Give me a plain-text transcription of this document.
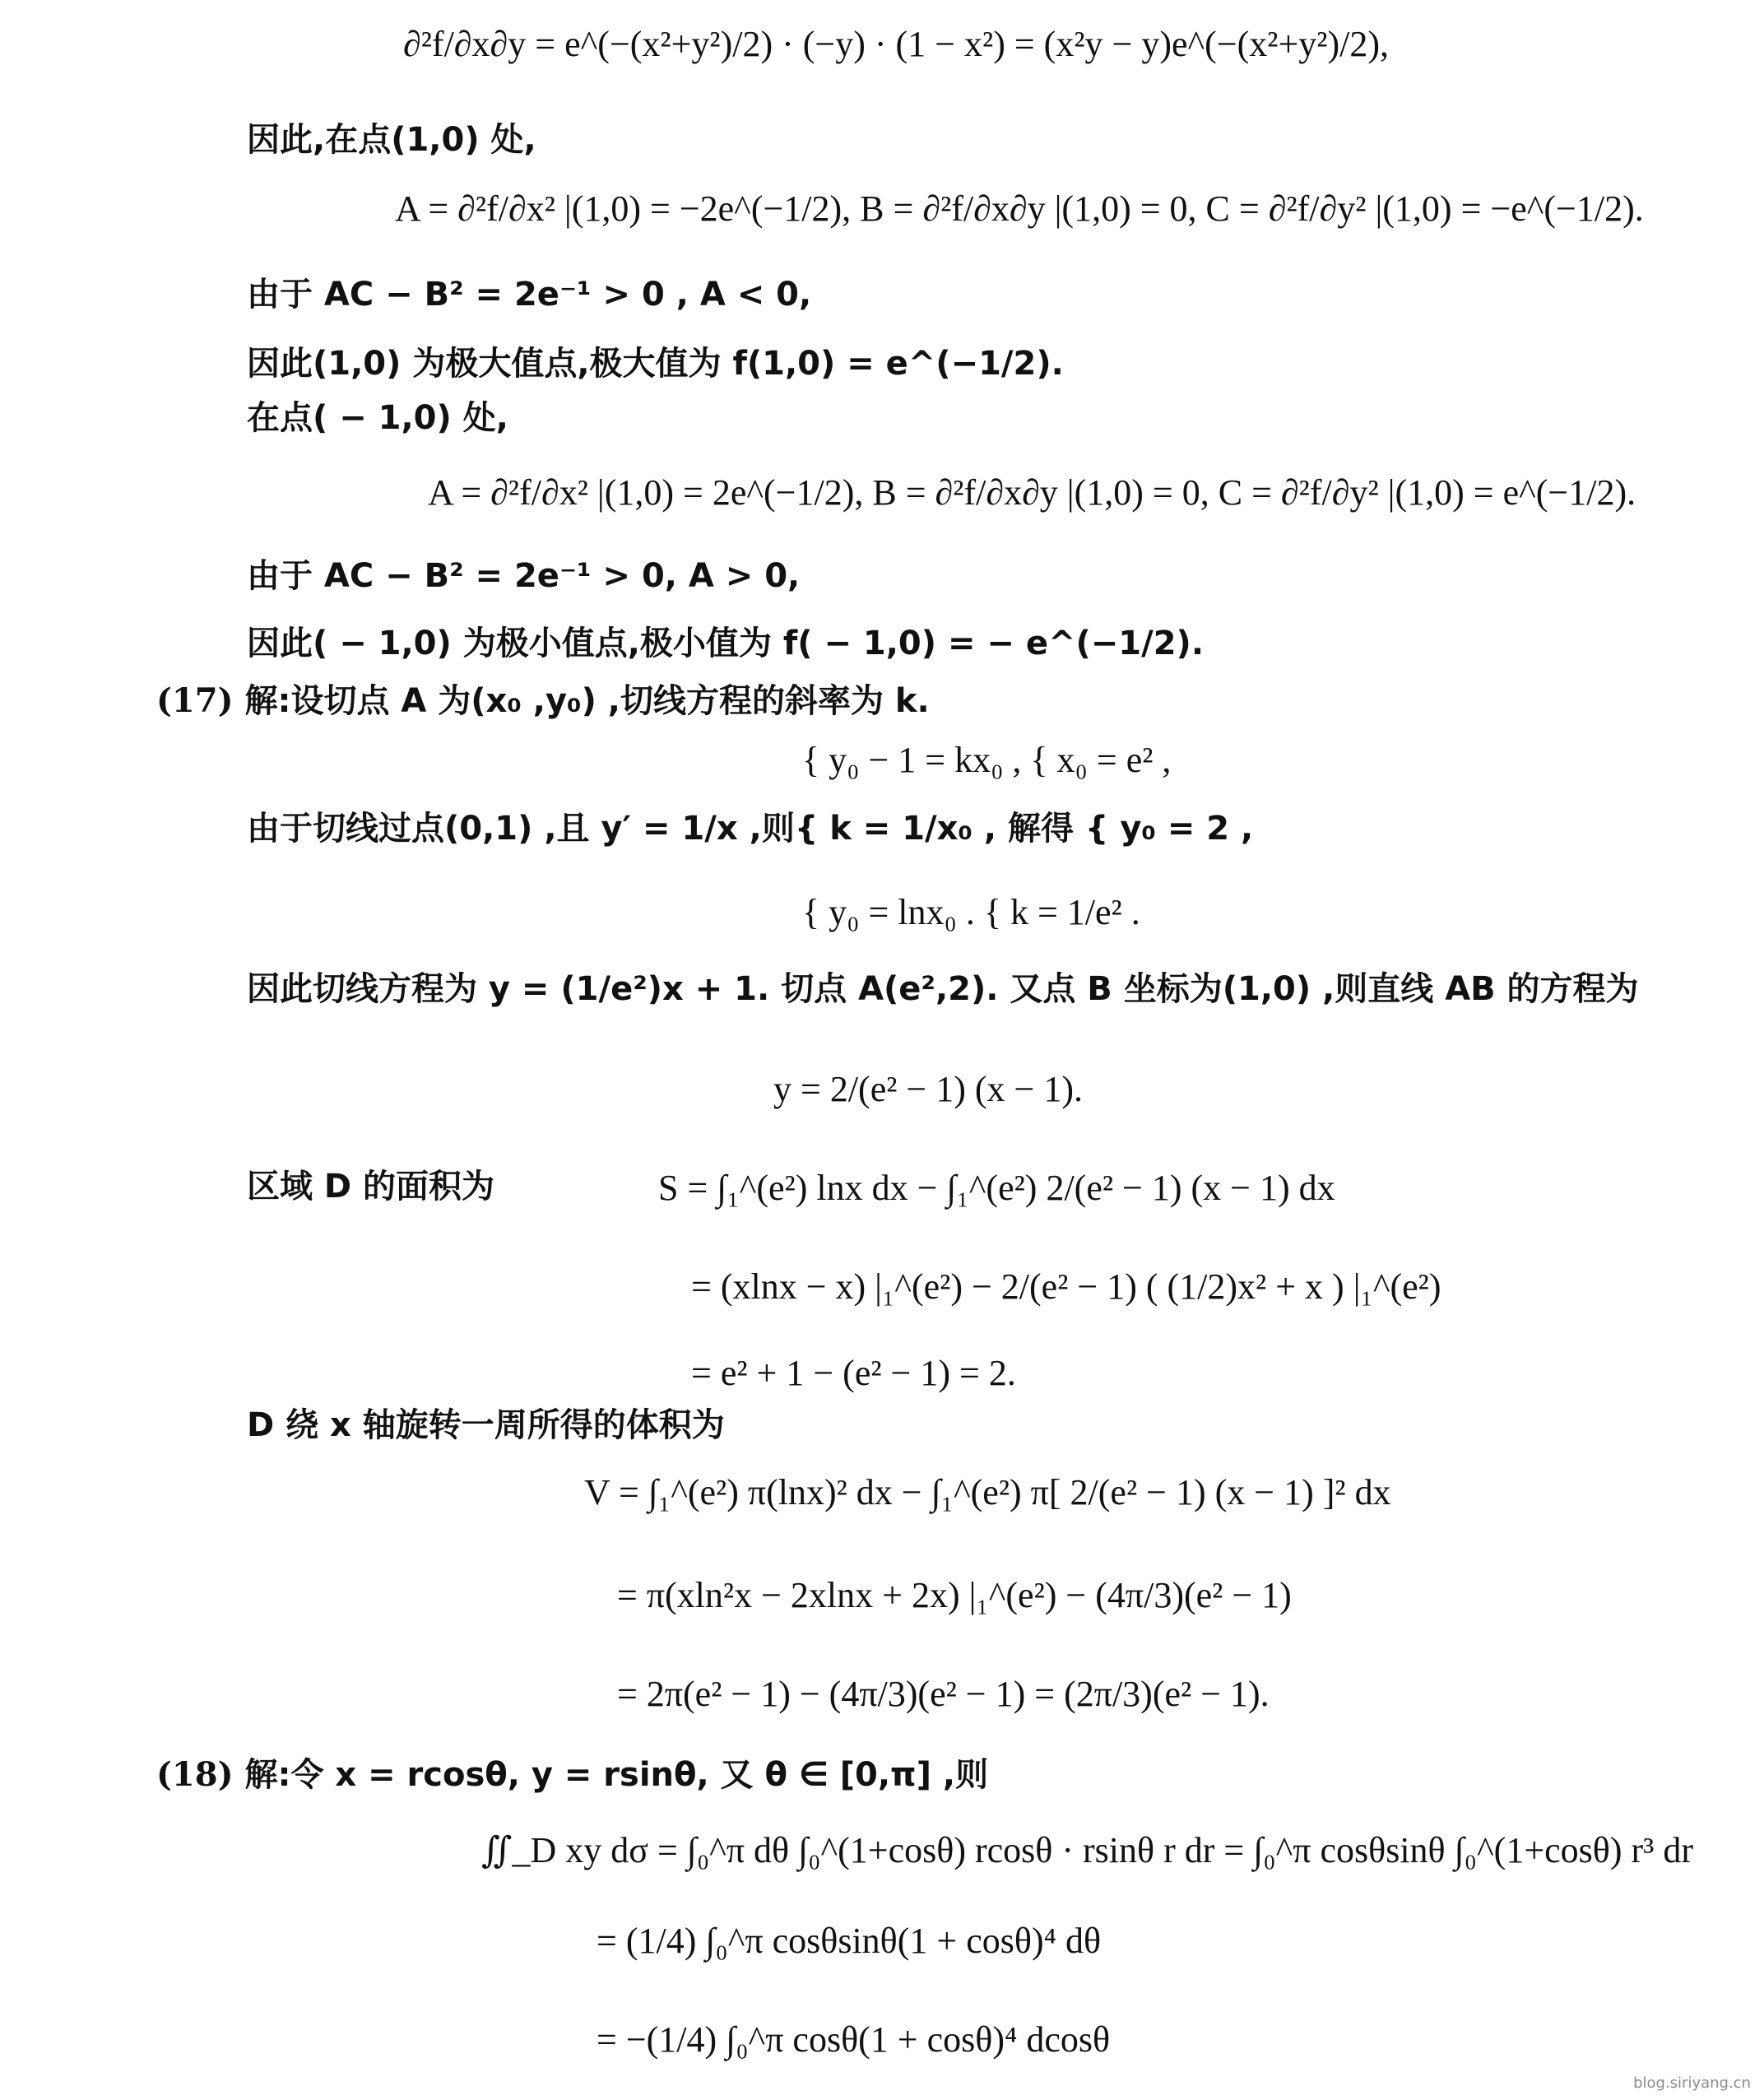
∂²f/∂x∂y = e^(−(x²+y²)/2) · (−y) · (1 − x²) = (x²y − y)e^(−(x²+y²)/2),
因此,在点(1,0) 处,
A = ∂²f/∂x² |(1,0) = −2e^(−1/2), B = ∂²f/∂x∂y |(1,0) = 0, C = ∂²f/∂y² |(1,0) = −e^(−1/2).
由于 AC − B² = 2e⁻¹ > 0 , A < 0,
因此(1,0) 为极大值点,极大值为 f(1,0) = e^(−1/2).
在点( − 1,0) 处,
A = ∂²f/∂x² |(1,0) = 2e^(−1/2), B = ∂²f/∂x∂y |(1,0) = 0, C = ∂²f/∂y² |(1,0) = e^(−1/2).
由于 AC − B² = 2e⁻¹ > 0, A > 0,
因此( − 1,0) 为极小值点,极小值为 f( − 1,0) = − e^(−1/2).
(17) 解:设切点 A 为(x₀ ,y₀) ,切线方程的斜率为 k.
{ y₀ − 1 = kx₀ , { x₀ = e² ,
由于切线过点(0,1) ,且 y′ = 1/x ,则{ k = 1/x₀ , 解得 { y₀ = 2 ,
{ y₀ = lnx₀ . { k = 1/e² .
因此切线方程为 y = (1/e²)x + 1. 切点 A(e²,2). 又点 B 坐标为(1,0) ,则直线 AB 的方程为
y = 2/(e² − 1) (x − 1).
区域 D 的面积为	S = ∫₁^(e²) lnx dx − ∫₁^(e²) 2/(e² − 1) (x − 1) dx
= (xlnx − x) |₁^(e²) − 2/(e² − 1) ( (1/2)x² + x ) |₁^(e²)
= e² + 1 − (e² − 1) = 2.
D 绕 x 轴旋转一周所得的体积为
V = ∫₁^(e²) π(lnx)² dx − ∫₁^(e²) π[ 2/(e² − 1) (x − 1) ]² dx
= π(xln²x − 2xlnx + 2x) |₁^(e²) − (4π/3)(e² − 1)
= 2π(e² − 1) − (4π/3)(e² − 1) = (2π/3)(e² − 1).
(18) 解:令 x = rcosθ, y = rsinθ, 又 θ ∈ [0,π] ,则
∬_D xy dσ = ∫₀^π dθ ∫₀^(1+cosθ) rcosθ · rsinθ r dr = ∫₀^π cosθsinθ ∫₀^(1+cosθ) r³ dr
= (1/4) ∫₀^π cosθsinθ(1 + cosθ)⁴ dθ
= −(1/4) ∫₀^π cosθ(1 + cosθ)⁴ dcosθ
blog.siriyang.cn
